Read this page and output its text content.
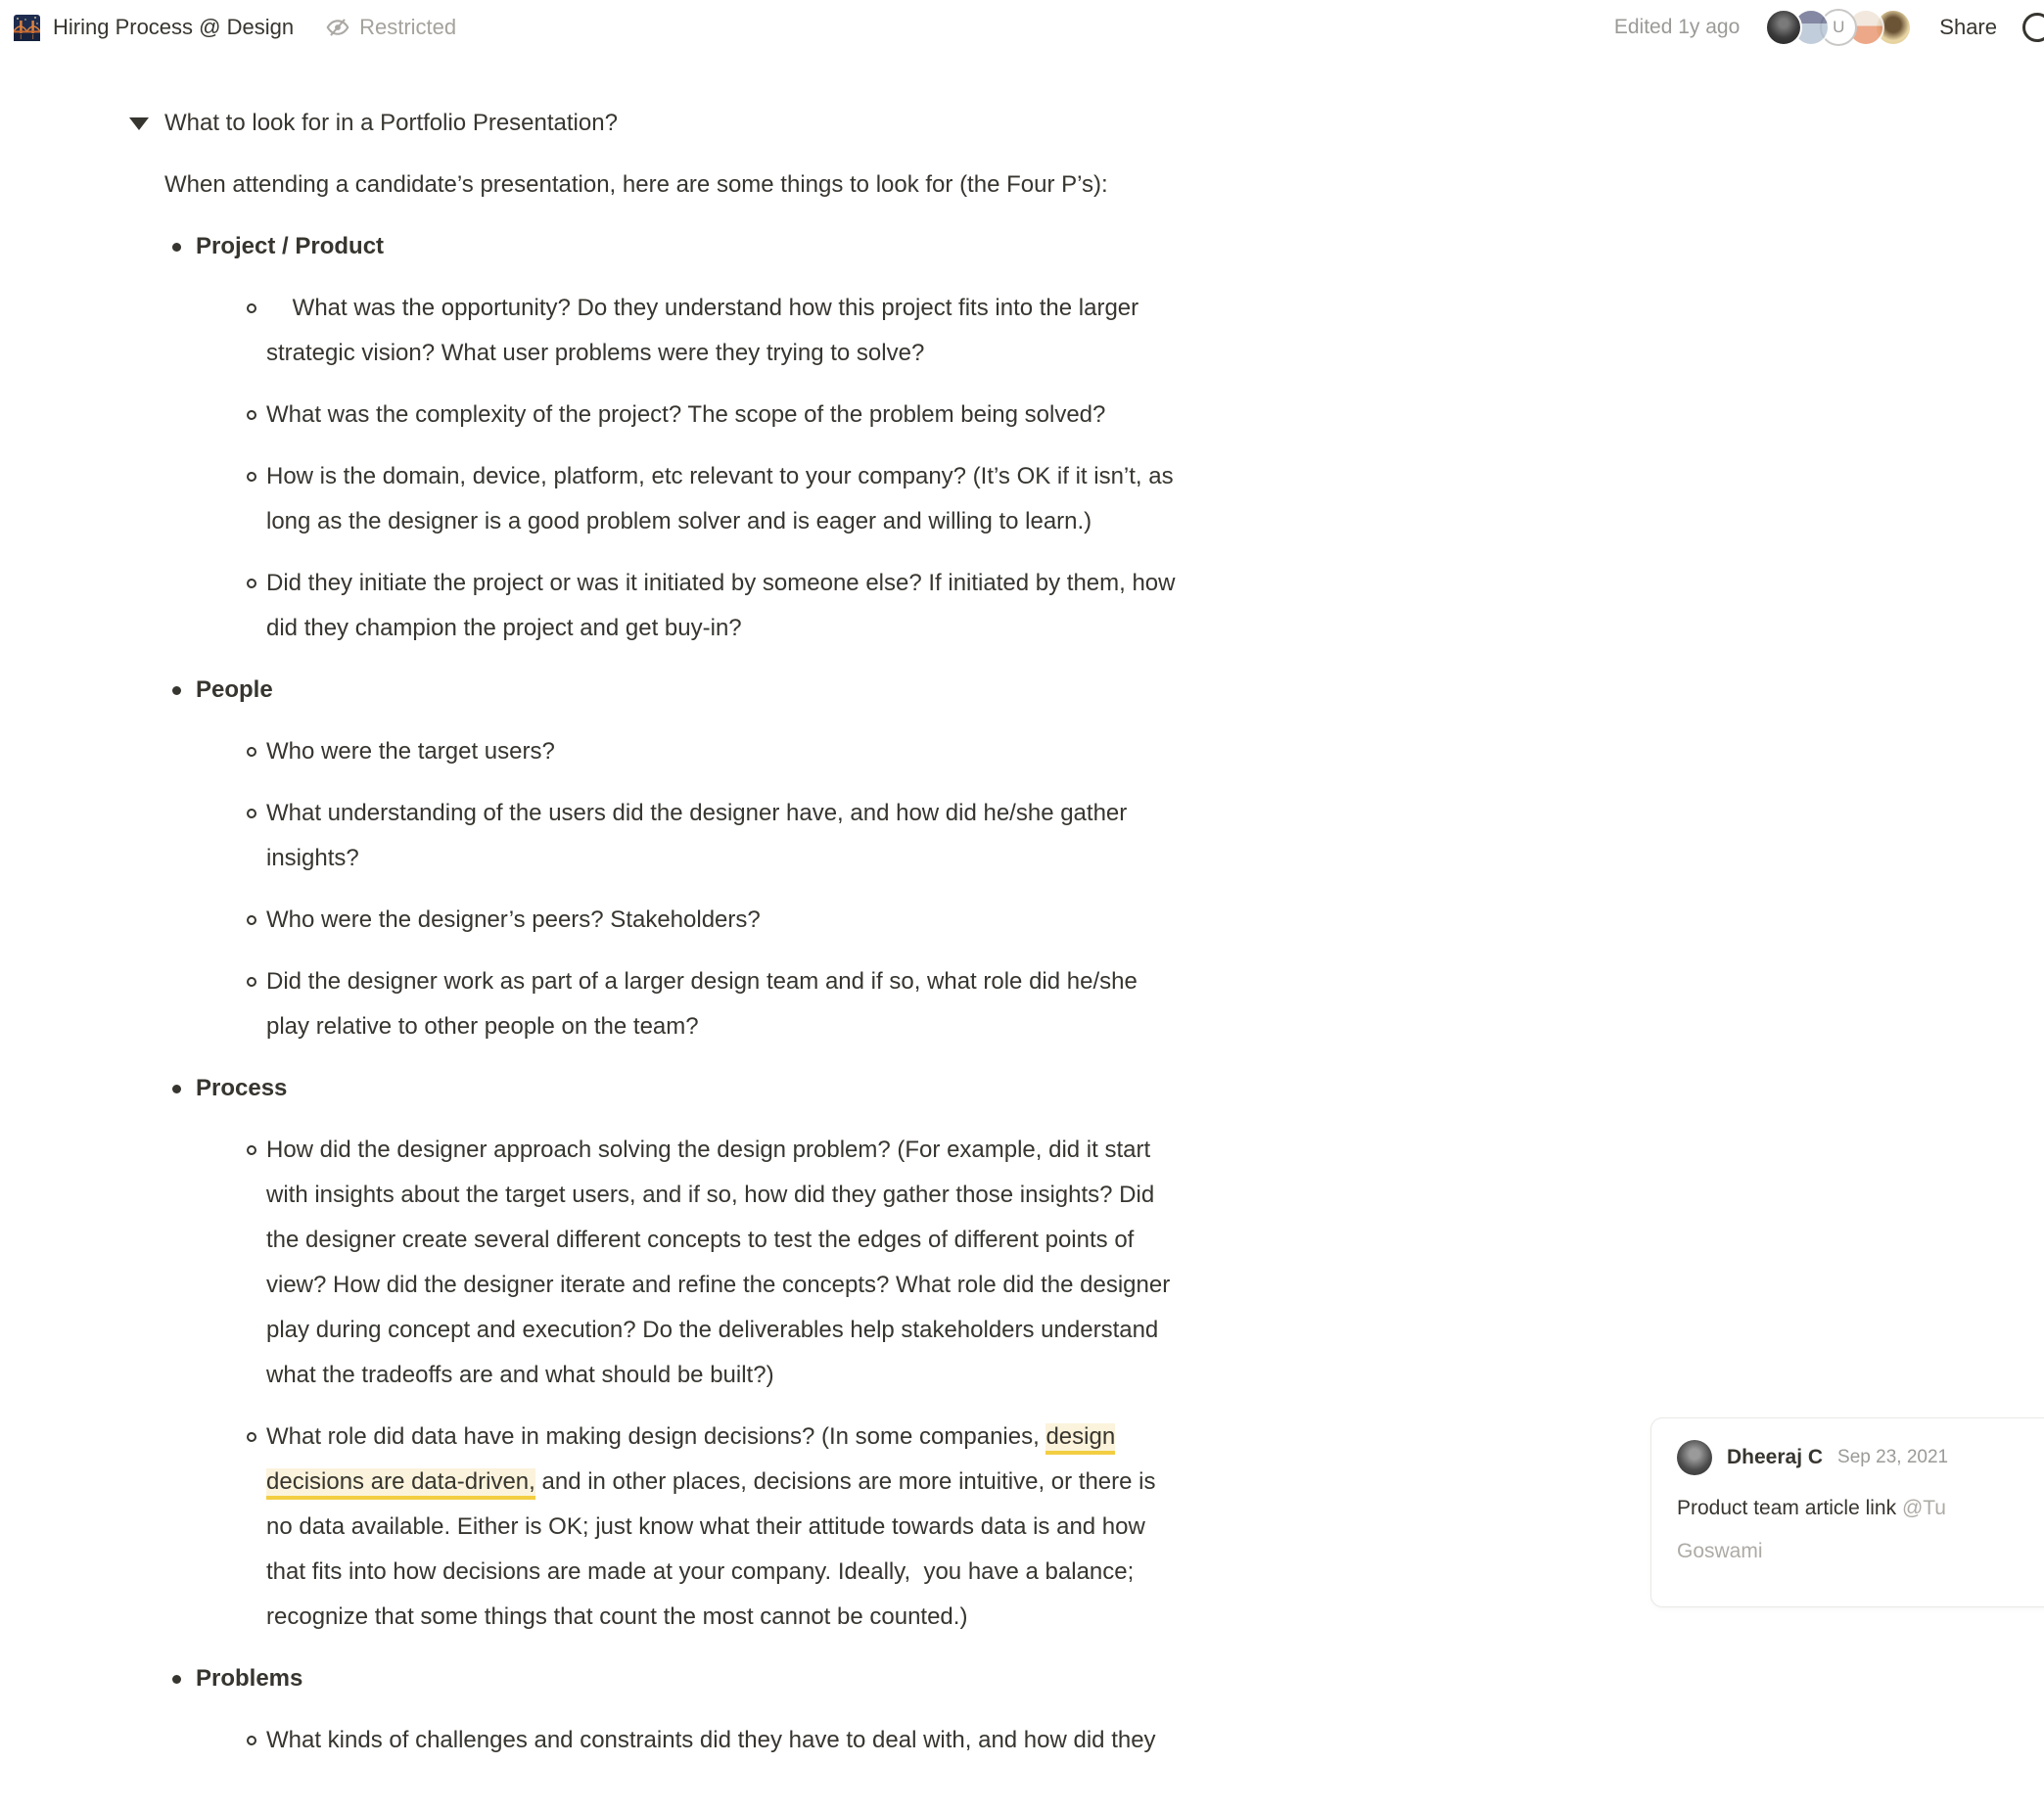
Hiring Process @ Design	Restricted	Edited 1y ago	U	Share
What to look for in a Portfolio Presentation?
When attending a candidate’s presentation, here are some things to look for (the Four P’s):
Project / Product
What was the opportunity? Do they understand how this project fits into the larger strategic vision? What user problems were they trying to solve?
What was the complexity of the project? The scope of the problem being solved?
How is the domain, device, platform, etc relevant to your company? (It’s OK if it isn’t, as long as the designer is a good problem solver and is eager and willing to learn.)
Did they initiate the project or was it initiated by someone else? If initiated by them, how did they champion the project and get buy-in?
People
Who were the target users?
What understanding of the users did the designer have, and how did he/she gather insights?
Who were the designer’s peers? Stakeholders?
Did the designer work as part of a larger design team and if so, what role did he/she play relative to other people on the team?
Process
How did the designer approach solving the design problem? (For example, did it start with insights about the target users, and if so, how did they gather those insights? Did the designer create several different concepts to test the edges of different points of view? How did the designer iterate and refine the concepts? What role did the designer play during concept and execution? Do the deliverables help stakeholders understand what the tradeoffs are and what should be built?)
What role did data have in making design decisions? (In some companies, design decisions are data-driven, and in other places, decisions are more intuitive, or there is no data available. Either is OK; just know what their attitude towards data is and how that fits into how decisions are made at your company. Ideally,  you have a balance; recognize that some things that count the most cannot be counted.)
Problems
What kinds of challenges and constraints did they have to deal with, and how did they
Dheeraj C Sep 23, 2021
Product team article link @Tu
Goswami
